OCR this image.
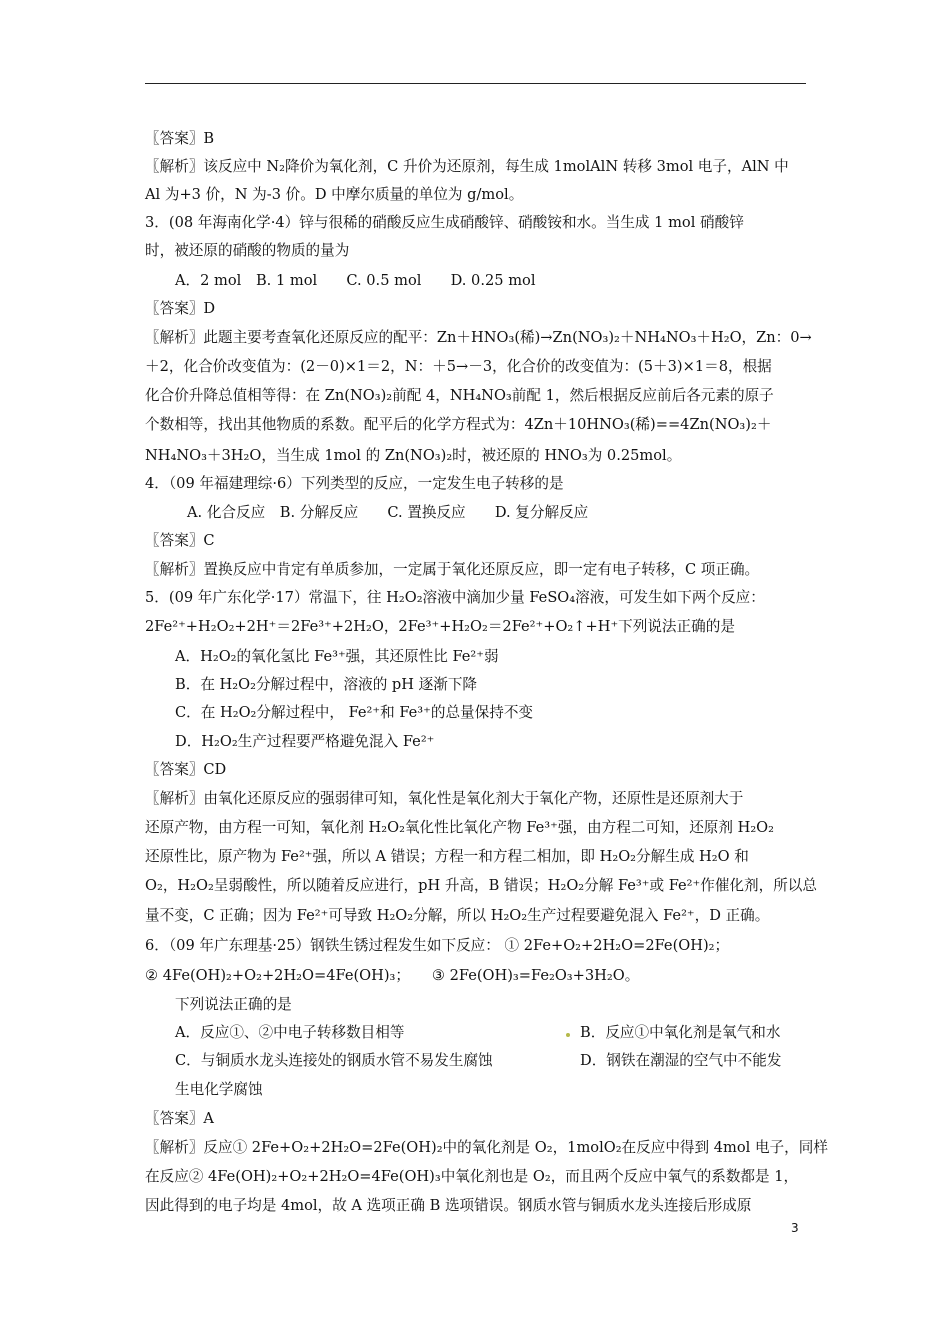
〖答案〗B
〖解析〗该反应中 N₂降价为氧化剂，C 升价为还原剂，每生成 1molAlN 转移 3mol 电子，AlN 中
Al 为+3 价，N 为-3 价。D 中摩尔质量的单位为 g/mol。
3．(08 年海南化学·4）锌与很稀的硝酸反应生成硝酸锌、硝酸铵和水。当生成 1 mol 硝酸锌
时，被还原的硝酸的物质的量为
A．2 mol　B. 1 mol　　C. 0.5 mol　　D. 0.25 mol
〖答案〗D
〖解析〗此题主要考查氧化还原反应的配平：Zn＋HNO₃(稀)→Zn(NO₃)₂＋NH₄NO₃＋H₂O，Zn：0→
＋2，化合价改变值为：(2－0)×1＝2，N：＋5→－3，化合价的改变值为：(5＋3)×1＝8，根据
化合价升降总值相等得：在 Zn(NO₃)₂前配 4，NH₄NO₃前配 1，然后根据反应前后各元素的原子
个数相等，找出其他物质的系数。配平后的化学方程式为：4Zn＋10HNO₃(稀)==4Zn(NO₃)₂＋
NH₄NO₃＋3H₂O，当生成 1mol 的 Zn(NO₃)₂时，被还原的 HNO₃为 0.25mol。
4．（09 年福建理综·6）下列类型的反应，一定发生电子转移的是
A. 化合反应　B. 分解反应　　C. 置换反应　　D. 复分解反应
〖答案〗C
〖解析〗置换反应中肯定有单质参加，一定属于氧化还原反应，即一定有电子转移，C 项正确。
5．(09 年广东化学·17）常温下，往 H₂O₂溶液中滴加少量 FeSO₄溶液，可发生如下两个反应：
2Fe²⁺+H₂O₂+2H⁺＝2Fe³⁺+2H₂O，2Fe³⁺+H₂O₂＝2Fe²⁺+O₂↑+H⁺下列说法正确的是
A．H₂O₂的氧化氢比 Fe³⁺强，其还原性比 Fe²⁺弱
B．在 H₂O₂分解过程中，溶液的 pH 逐渐下降
C．在 H₂O₂分解过程中， Fe²⁺和 Fe³⁺的总量保持不变
D．H₂O₂生产过程要严格避免混入 Fe²⁺
〖答案〗CD
〖解析〗由氧化还原反应的强弱律可知，氧化性是氧化剂大于氧化产物，还原性是还原剂大于
还原产物，由方程一可知，氧化剂 H₂O₂氧化性比氧化产物 Fe³⁺强，由方程二可知，还原剂 H₂O₂
还原性比，原产物为 Fe²⁺强，所以 A 错误；方程一和方程二相加，即 H₂O₂分解生成 H₂O 和
O₂，H₂O₂呈弱酸性，所以随着反应进行，pH 升高，B 错误；H₂O₂分解 Fe³⁺或 Fe²⁺作催化剂，所以总
量不变，C 正确；因为 Fe²⁺可导致 H₂O₂分解，所以 H₂O₂生产过程要避免混入 Fe²⁺，D 正确。
6．（09 年广东理基·25）钢铁生锈过程发生如下反应： ① 2Fe+O₂+2H₂O=2Fe(OH)₂；
② 4Fe(OH)₂+O₂+2H₂O=4Fe(OH)₃；　　③ 2Fe(OH)₃=Fe₂O₃+3H₂O。
下列说法正确的是
A．反应①、②中电子转移数目相等	B．反应①中氧化剂是氧气和水
C．与铜质水龙头连接处的钢质水管不易发生腐蚀	D．钢铁在潮湿的空气中不能发
生电化学腐蚀
〖答案〗A
〖解析〗反应① 2Fe+O₂+2H₂O=2Fe(OH)₂中的氧化剂是 O₂，1molO₂在反应中得到 4mol 电子，同样
在反应② 4Fe(OH)₂+O₂+2H₂O=4Fe(OH)₃中氧化剂也是 O₂，而且两个反应中氧气的系数都是 1，
因此得到的电子均是 4mol，故 A 选项正确 B 选项错误。钢质水管与铜质水龙头连接后形成原
3
